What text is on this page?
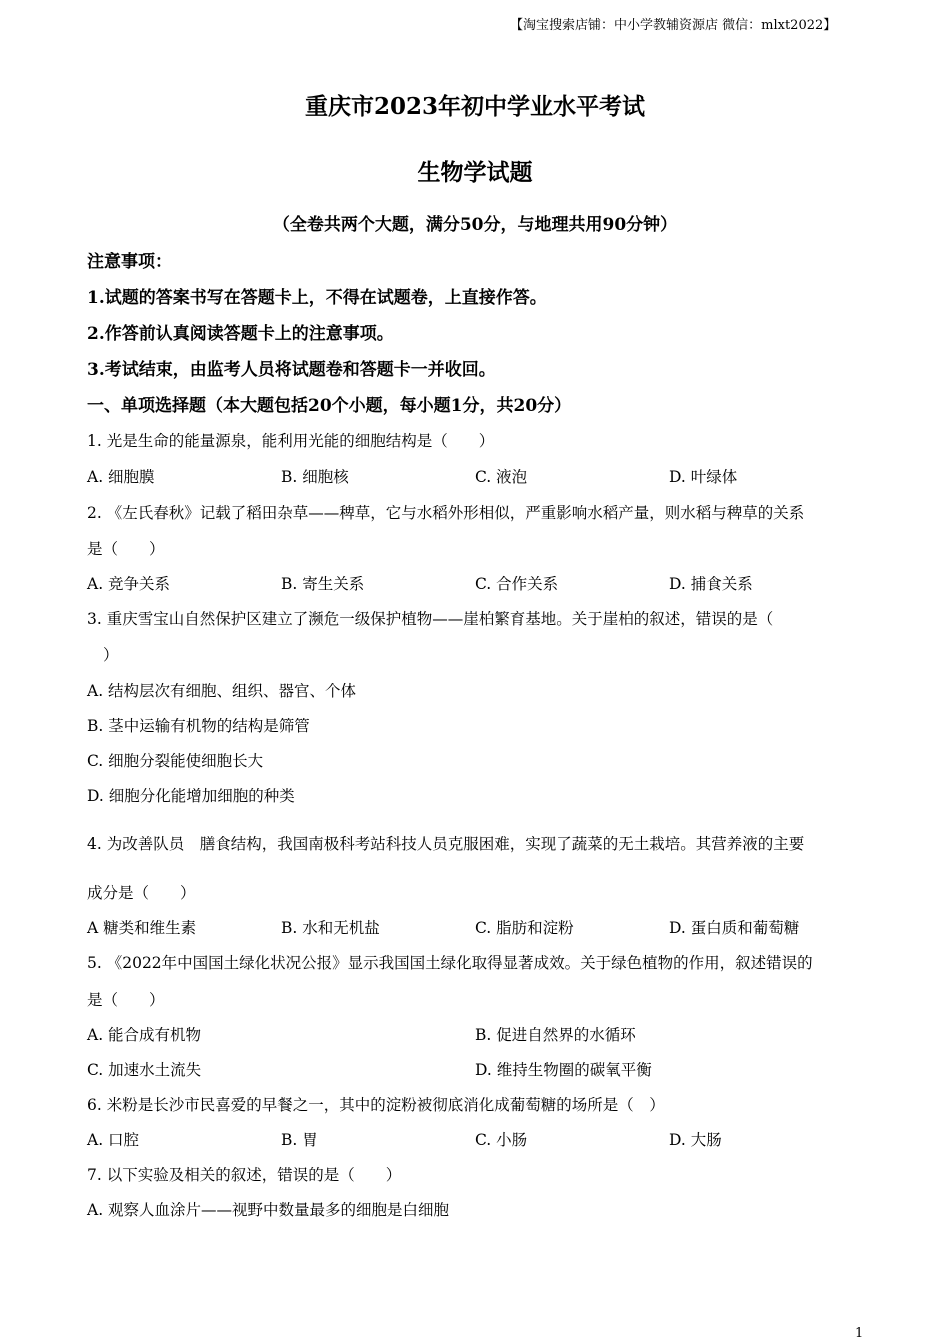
【淘宝搜索店铺：中小学教辅资源店 微信：mlxt2022】
重庆市2023年初中学业水平考试
生物学试题
（全卷共两个大题，满分50分，与地理共用90分钟）
注意事项：
1.试题的答案书写在答题卡上，不得在试题卷，上直接作答。
2.作答前认真阅读答题卡上的注意事项。
3.考试结束，由监考人员将试题卷和答题卡一并收回。
一、单项选择题（本大题包括20个小题，每小题1分，共20分）
1. 光是生命的能量源泉，能利用光能的细胞结构是（　　）
A. 细胞膜	B. 细胞核	C. 液泡	D. 叶绿体
2. 《左氏春秋》记载了稻田杂草——稗草，它与水稻外形相似，严重影响水稻产量，则水稻与稗草的关系
是（　　）
A. 竞争关系	B. 寄生关系	C. 合作关系	D. 捕食关系
3. 重庆雪宝山自然保护区建立了濒危一级保护植物——崖柏繁育基地。关于崖柏的叙述，错误的是（
）
A. 结构层次有细胞、组织、器官、个体
B. 茎中运输有机物的结构是筛管
C. 细胞分裂能使细胞长大
D. 细胞分化能增加细胞的种类
4. 为改善队员　膳食结构，我国南极科考站科技人员克服困难，实现了蔬菜的无土栽培。其营养液的主要
成分是（　　）
A 糖类和维生素	B. 水和无机盐	C. 脂肪和淀粉	D. 蛋白质和葡萄糖
5. 《2022年中国国土绿化状况公报》显示我国国土绿化取得显著成效。关于绿色植物的作用，叙述错误的
是（　　）
A. 能合成有机物	B. 促进自然界的水循环
C. 加速水土流失	D. 维持生物圈的碳氧平衡
6. 米粉是长沙市民喜爱的早餐之一，其中的淀粉被彻底消化成葡萄糖的场所是（　）
A. 口腔	B. 胃	C. 小肠	D. 大肠
7. 以下实验及相关的叙述，错误的是（　　）
A. 观察人血涂片——视野中数量最多的细胞是白细胞
1
